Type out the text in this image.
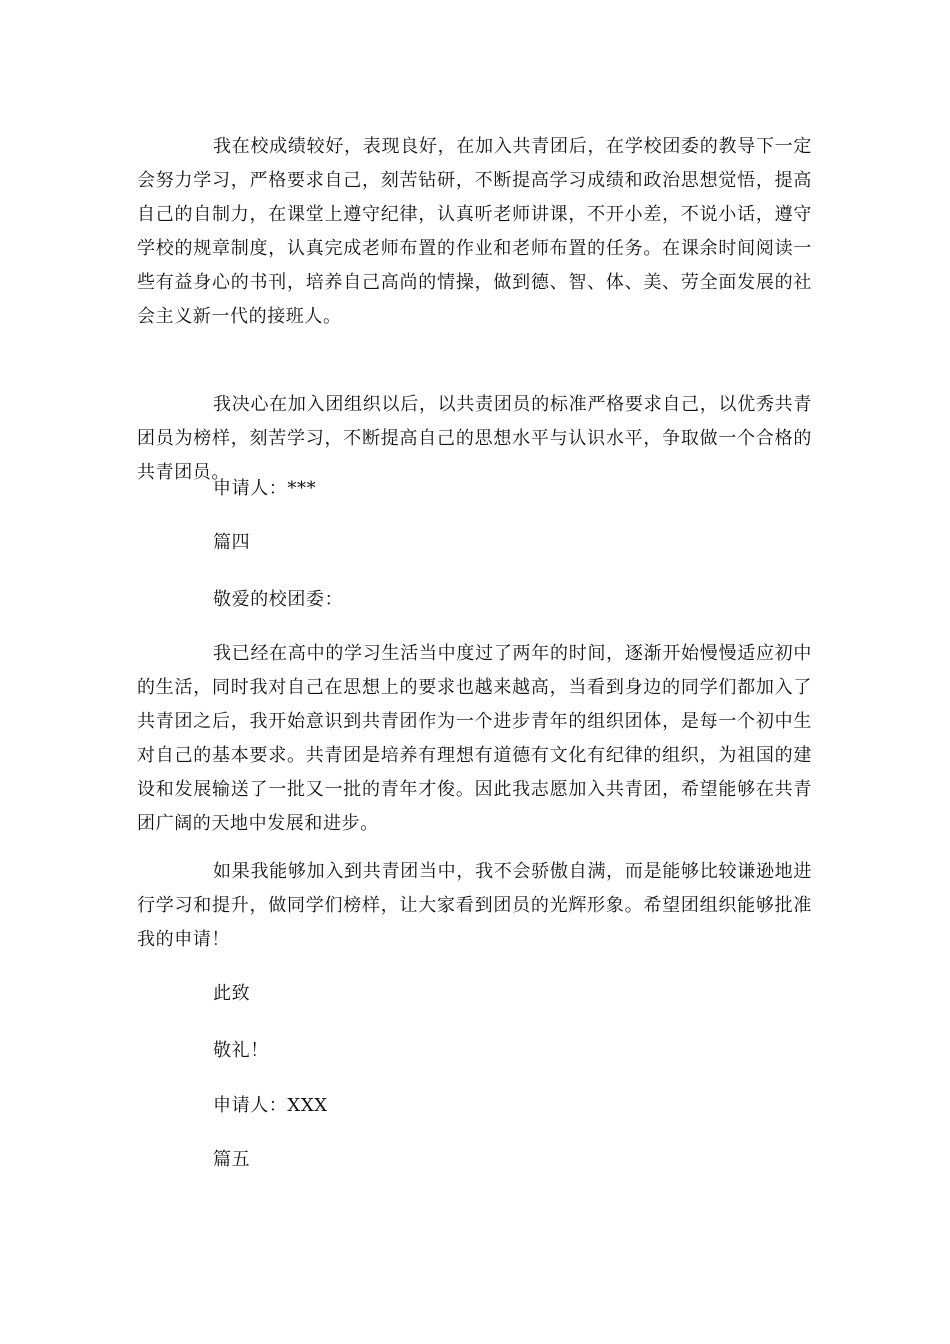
我在校成绩较好，表现良好，在加入共青团后，在学校团委的教导下一定会努力学习，严格要求自己，刻苦钻研，不断提高学习成绩和政治思想觉悟，提高自己的自制力，在课堂上遵守纪律，认真听老师讲课，不开小差，不说小话，遵守学校的规章制度，认真完成老师布置的作业和老师布置的任务。在课余时间阅读一些有益身心的书刊，培养自己高尚的情操，做到德、智、体、美、劳全面发展的社会主义新一代的接班人。

我决心在加入团组织以后，以共责团员的标准严格要求自己，以优秀共青团员为榜样，刻苦学习，不断提高自己的思想水平与认识水平，争取做一个合格的共青团员。

申请人：***

篇四

敬爱的校团委：

我已经在高中的学习生活当中度过了两年的时间，逐渐开始慢慢适应初中的生活，同时我对自己在思想上的要求也越来越高，当看到身边的同学们都加入了共青团之后，我开始意识到共青团作为一个进步青年的组织团体，是每一个初中生对自己的基本要求。共青团是培养有理想有道德有文化有纪律的组织，为祖国的建设和发展输送了一批又一批的青年才俊。因此我志愿加入共青团，希望能够在共青团广阔的天地中发展和进步。

如果我能够加入到共青团当中，我不会骄傲自满，而是能够比较谦逊地进行学习和提升，做同学们榜样，让大家看到团员的光辉形象。希望团组织能够批准我的申请！

此致

敬礼！

申请人：XXX

篇五
